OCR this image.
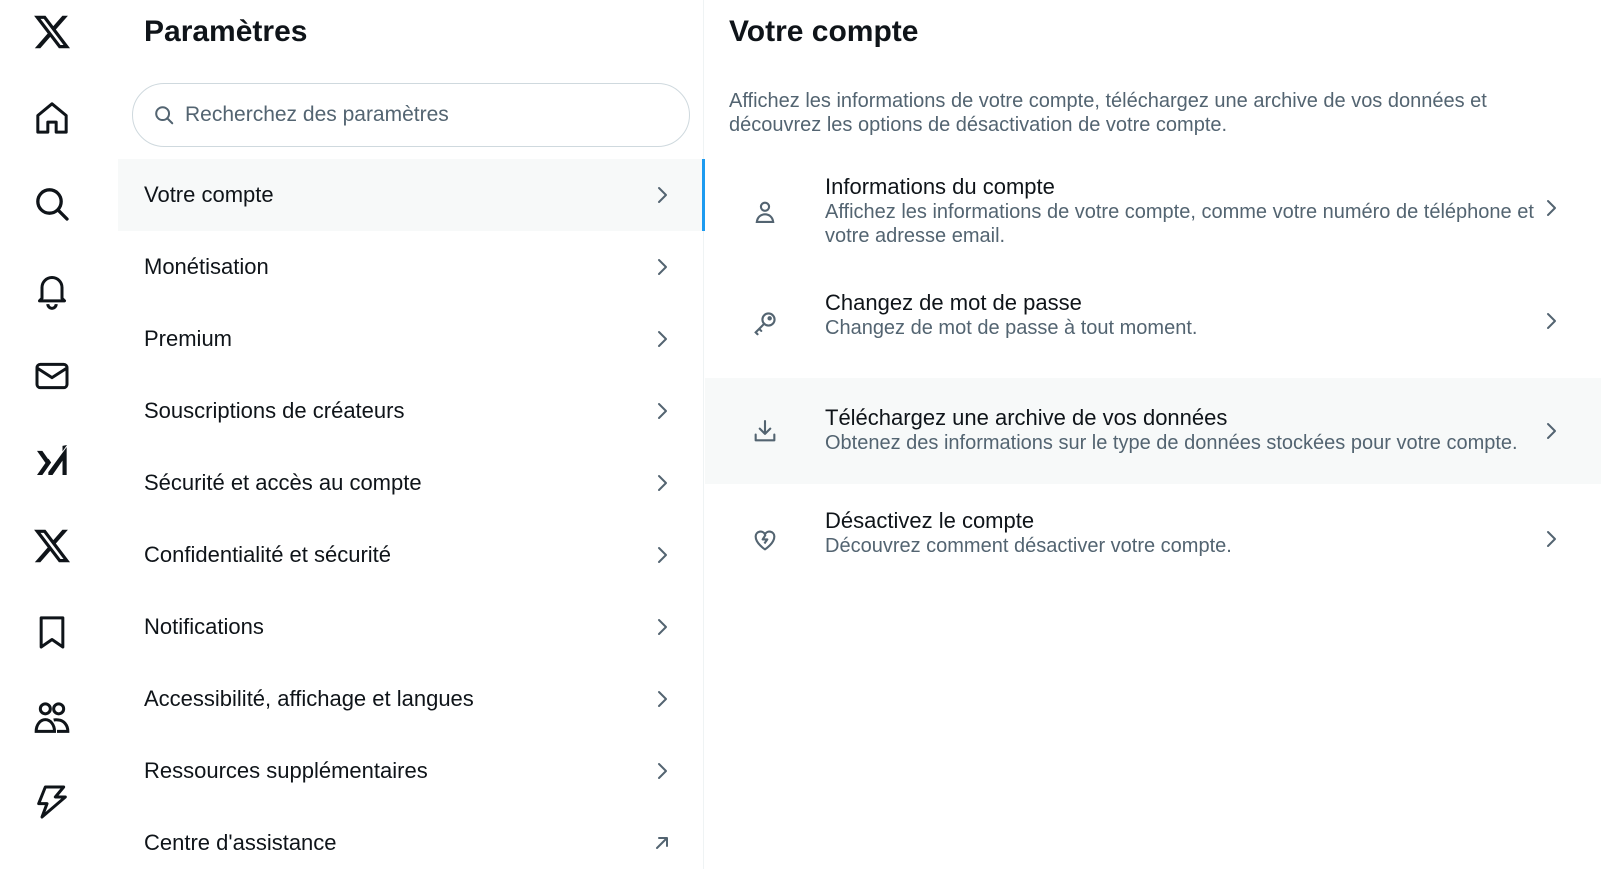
Paramètres
Recherchez des paramètres
Votre compte
Monétisation
Premium
Souscriptions de créateurs
Sécurité et accès au compte
Confidentialité et sécurité
Notifications
Accessibilité, affichage et langues
Ressources supplémentaires
Centre d'assistance
Votre compte

Affichez les informations de votre compte, téléchargez une archive de vos données et découvrez les options de désactivation de votre compte.

Informations du compte
Affichez les informations de votre compte, comme votre numéro de téléphone et votre adresse email.
Changez de mot de passe
Changez de mot de passe à tout moment.
Téléchargez une archive de vos données
Obtenez des informations sur le type de données stockées pour votre compte.
Désactivez le compte
Découvrez comment désactiver votre compte.
